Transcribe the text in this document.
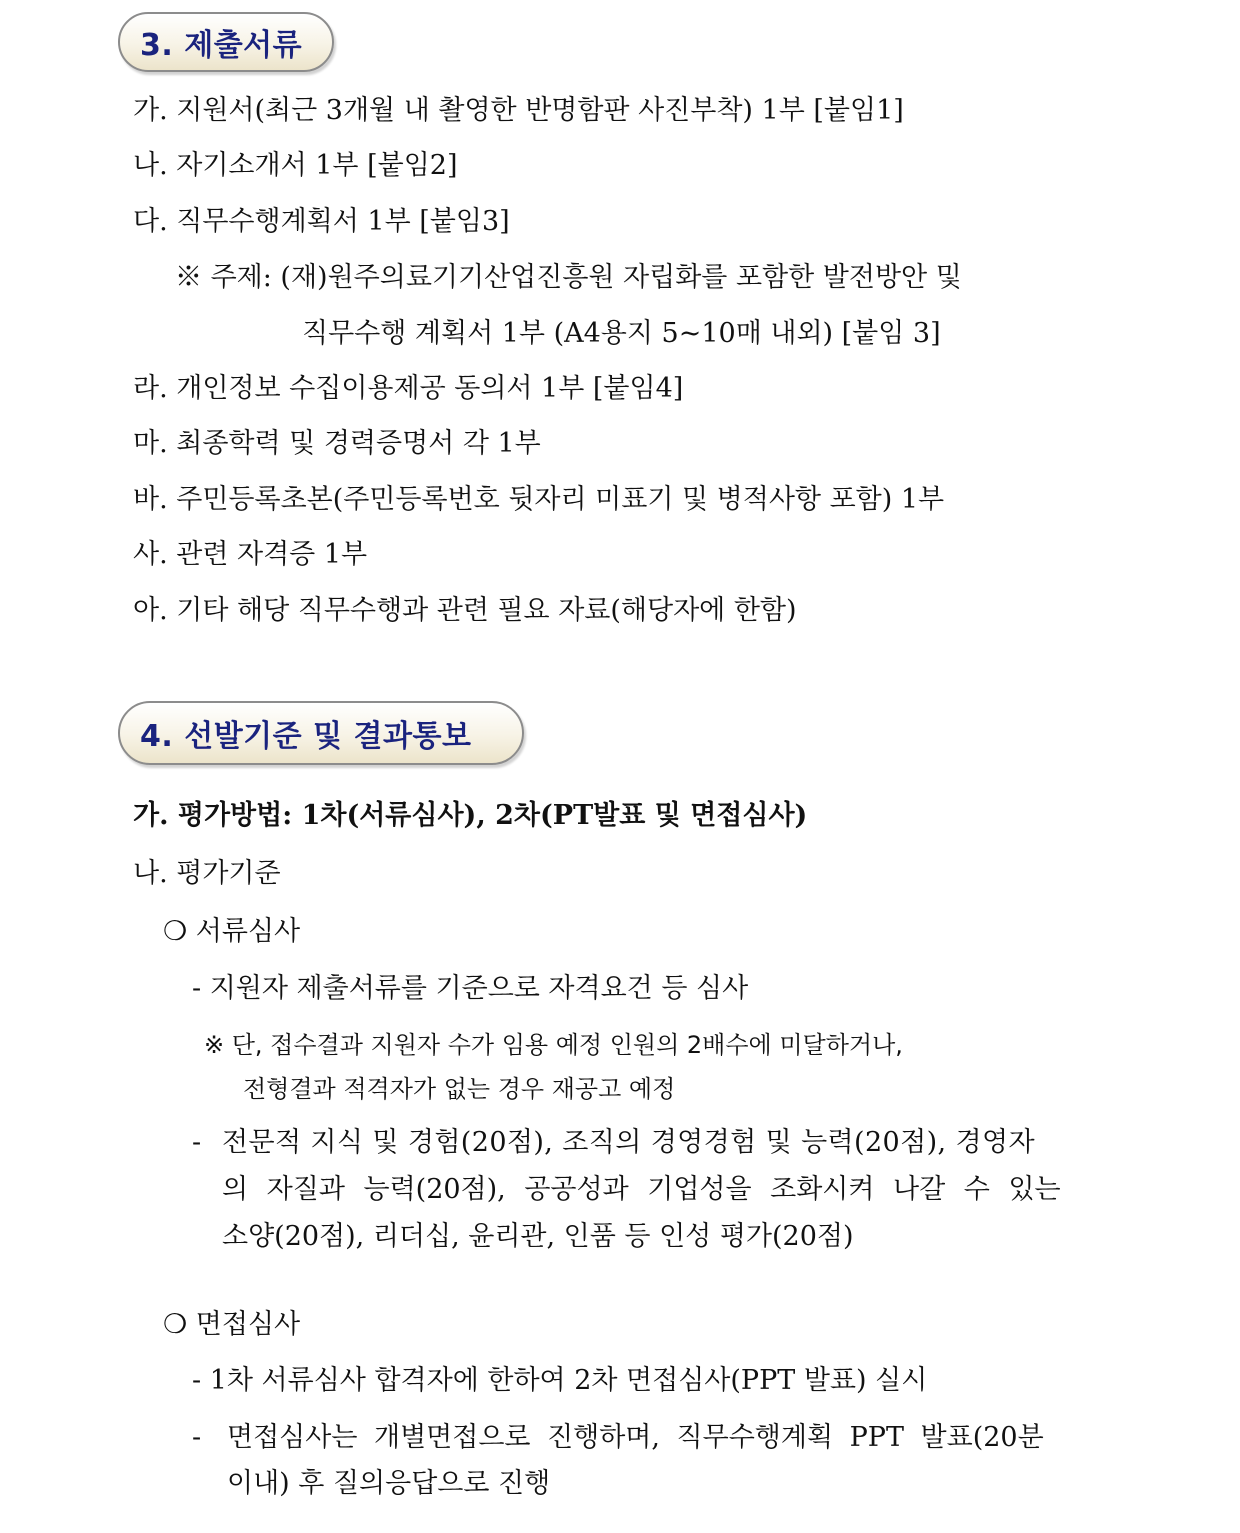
3. 제출서류
가. 지원서(최근 3개월 내 촬영한 반명함판 사진부착) 1부 [붙임1]
나. 자기소개서 1부 [붙임2]
다. 직무수행계획서 1부 [붙임3]
※ 주제: (재)원주의료기기산업진흥원 자립화를 포함한 발전방안 및
직무수행 계획서 1부 (A4용지 5~10매 내외) [붙임 3]
라. 개인정보 수집이용제공 동의서 1부 [붙임4]
마. 최종학력 및 경력증명서 각 1부
바. 주민등록초본(주민등록번호 뒷자리 미표기 및 병적사항 포함) 1부
사. 관련 자격증 1부
아. 기타 해당 직무수행과 관련 필요 자료(해당자에 한함)
4. 선발기준 및 결과통보
가. 평가방법: 1차(서류심사), 2차(PT발표 및 면접심사)
나. 평가기준
❍ 서류심사
- 지원자 제출서류를 기준으로 자격요건 등 심사
※ 단, 접수결과 지원자 수가 임용 예정 인원의 2배수에 미달하거나,
전형결과 적격자가 없는 경우 재공고 예정
- 전문적 지식 및 경험(20점), 조직의 경영경험 및 능력(20점), 경영자
의 자질과 능력(20점), 공공성과 기업성을 조화시켜 나갈 수 있는
소양(20점), 리더십, 윤리관, 인품 등 인성 평가(20점)
❍ 면접심사
- 1차 서류심사 합격자에 한하여 2차 면접심사(PPT 발표) 실시
- 면접심사는 개별면접으로 진행하며, 직무수행계획 PPT 발표(20분
이내) 후 질의응답으로 진행
